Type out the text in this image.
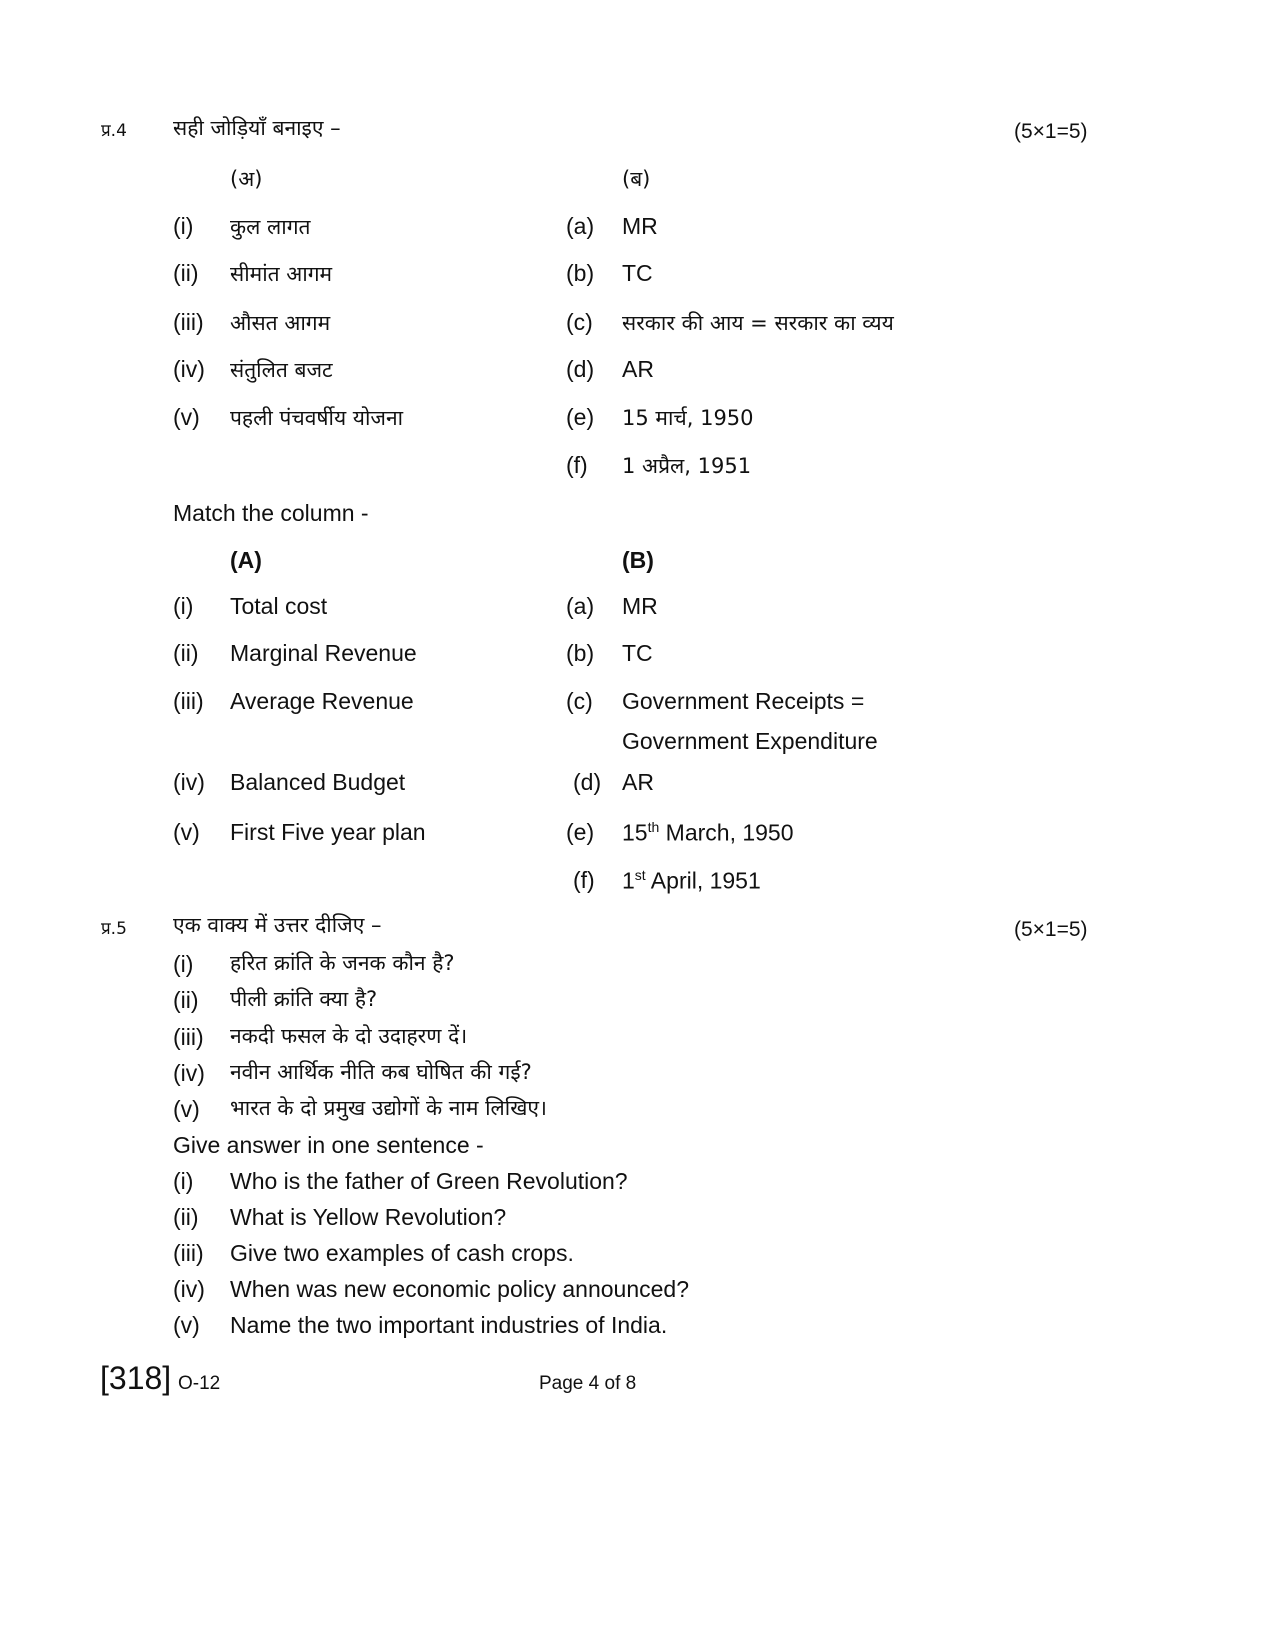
प्र.4 सही जोड़ियाँ बनाइए –	(5×1=5)
(अ)	(ब)
(i) कुल लागत	(a) MR
(ii) सीमांत आगम	(b) TC
(iii) औसत आगम	(c) सरकार की आय = सरकार का व्यय
(iv) संतुलित बजट	(d) AR
(v) पहली पंचवर्षीय योजना	(e) 15 मार्च, 1950
(f) 1 अप्रैल, 1951
Match the column -
(A)	(B)
(i) Total cost	(a) MR
(ii) Marginal Revenue	(b) TC
(iii) Average Revenue	(c) Government Receipts =
Government Expenditure
(iv) Balanced Budget	(d) AR
(v) First Five year plan	(e) 15th March, 1950
(f) 1st April, 1951
प्र.5 एक वाक्य में उत्तर दीजिए –	(5×1=5)
(i) हरित क्रांति के जनक कौन है?
(ii) पीली क्रांति क्या है?
(iii) नकदी फसल के दो उदाहरण दें।
(iv) नवीन आर्थिक नीति कब घोषित की गई?
(v) भारत के दो प्रमुख उद्योगों के नाम लिखिए।
Give answer in one sentence -
(i) Who is the father of Green Revolution?
(ii) What is Yellow Revolution?
(iii) Give two examples of cash crops.
(iv) When was new economic policy announced?
(v) Name the two important industries of India.
[318] O-12	Page 4 of 8
